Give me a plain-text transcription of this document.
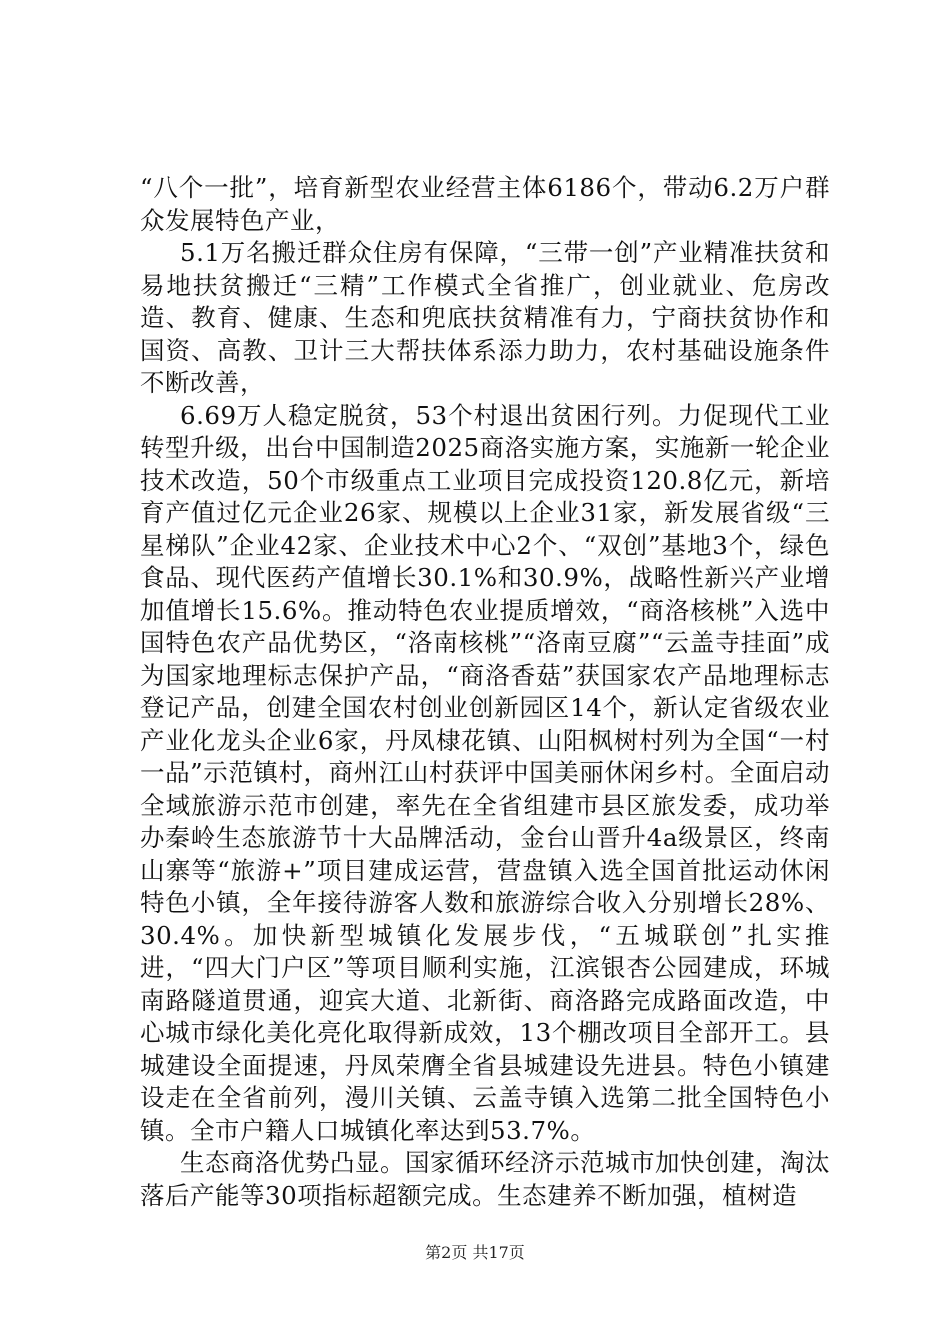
“八个一批”，培育新型农业经营主体6186个，带动6.2万户群众发展特色产业，

5.1万名搬迁群众住房有保障，“三带一创”产业精准扶贫和易地扶贫搬迁“三精”工作模式全省推广，创业就业、危房改造、教育、健康、生态和兜底扶贫精准有力，宁商扶贫协作和国资、高教、卫计三大帮扶体系添力助力，农村基础设施条件不断改善，

6.69万人稳定脱贫，53个村退出贫困行列。力促现代工业转型升级，出台中国制造2025商洛实施方案，实施新一轮企业技术改造，50个市级重点工业项目完成投资120.8亿元，新培育产值过亿元企业26家、规模以上企业31家，新发展省级“三星梯队”企业42家、企业技术中心2个、“双创”基地3个，绿色食品、现代医药产值增长30.1%和30.9%，战略性新兴产业增加值增长15.6%。推动特色农业提质增效，“商洛核桃”入选中国特色农产品优势区，“洛南核桃”“洛南豆腐”“云盖寺挂面”成为国家地理标志保护产品，“商洛香菇”获国家农产品地理标志登记产品，创建全国农村创业创新园区14个，新认定省级农业产业化龙头企业6家，丹凤棣花镇、山阳枫树村列为全国“一村一品”示范镇村，商州江山村获评中国美丽休闲乡村。全面启动全域旅游示范市创建，率先在全省组建市县区旅发委，成功举办秦岭生态旅游节十大品牌活动，金台山晋升4a级景区，终南山寨等“旅游+”项目建成运营，营盘镇入选全国首批运动休闲特色小镇，全年接待游客人数和旅游综合收入分别增长28%、30.4%。加快新型城镇化发展步伐，“五城联创”扎实推进，“四大门户区”等项目顺利实施，江滨银杏公园建成，环城南路隧道贯通，迎宾大道、北新街、商洛路完成路面改造，中心城市绿化美化亮化取得新成效，13个棚改项目全部开工。县城建设全面提速，丹凤荣膺全省县城建设先进县。特色小镇建设走在全省前列，漫川关镇、云盖寺镇入选第二批全国特色小镇。全市户籍人口城镇化率达到53.7%。

生态商洛优势凸显。国家循环经济示范城市加快创建，淘汰落后产能等30项指标超额完成。生态建养不断加强，植树造

第2页 共17页
